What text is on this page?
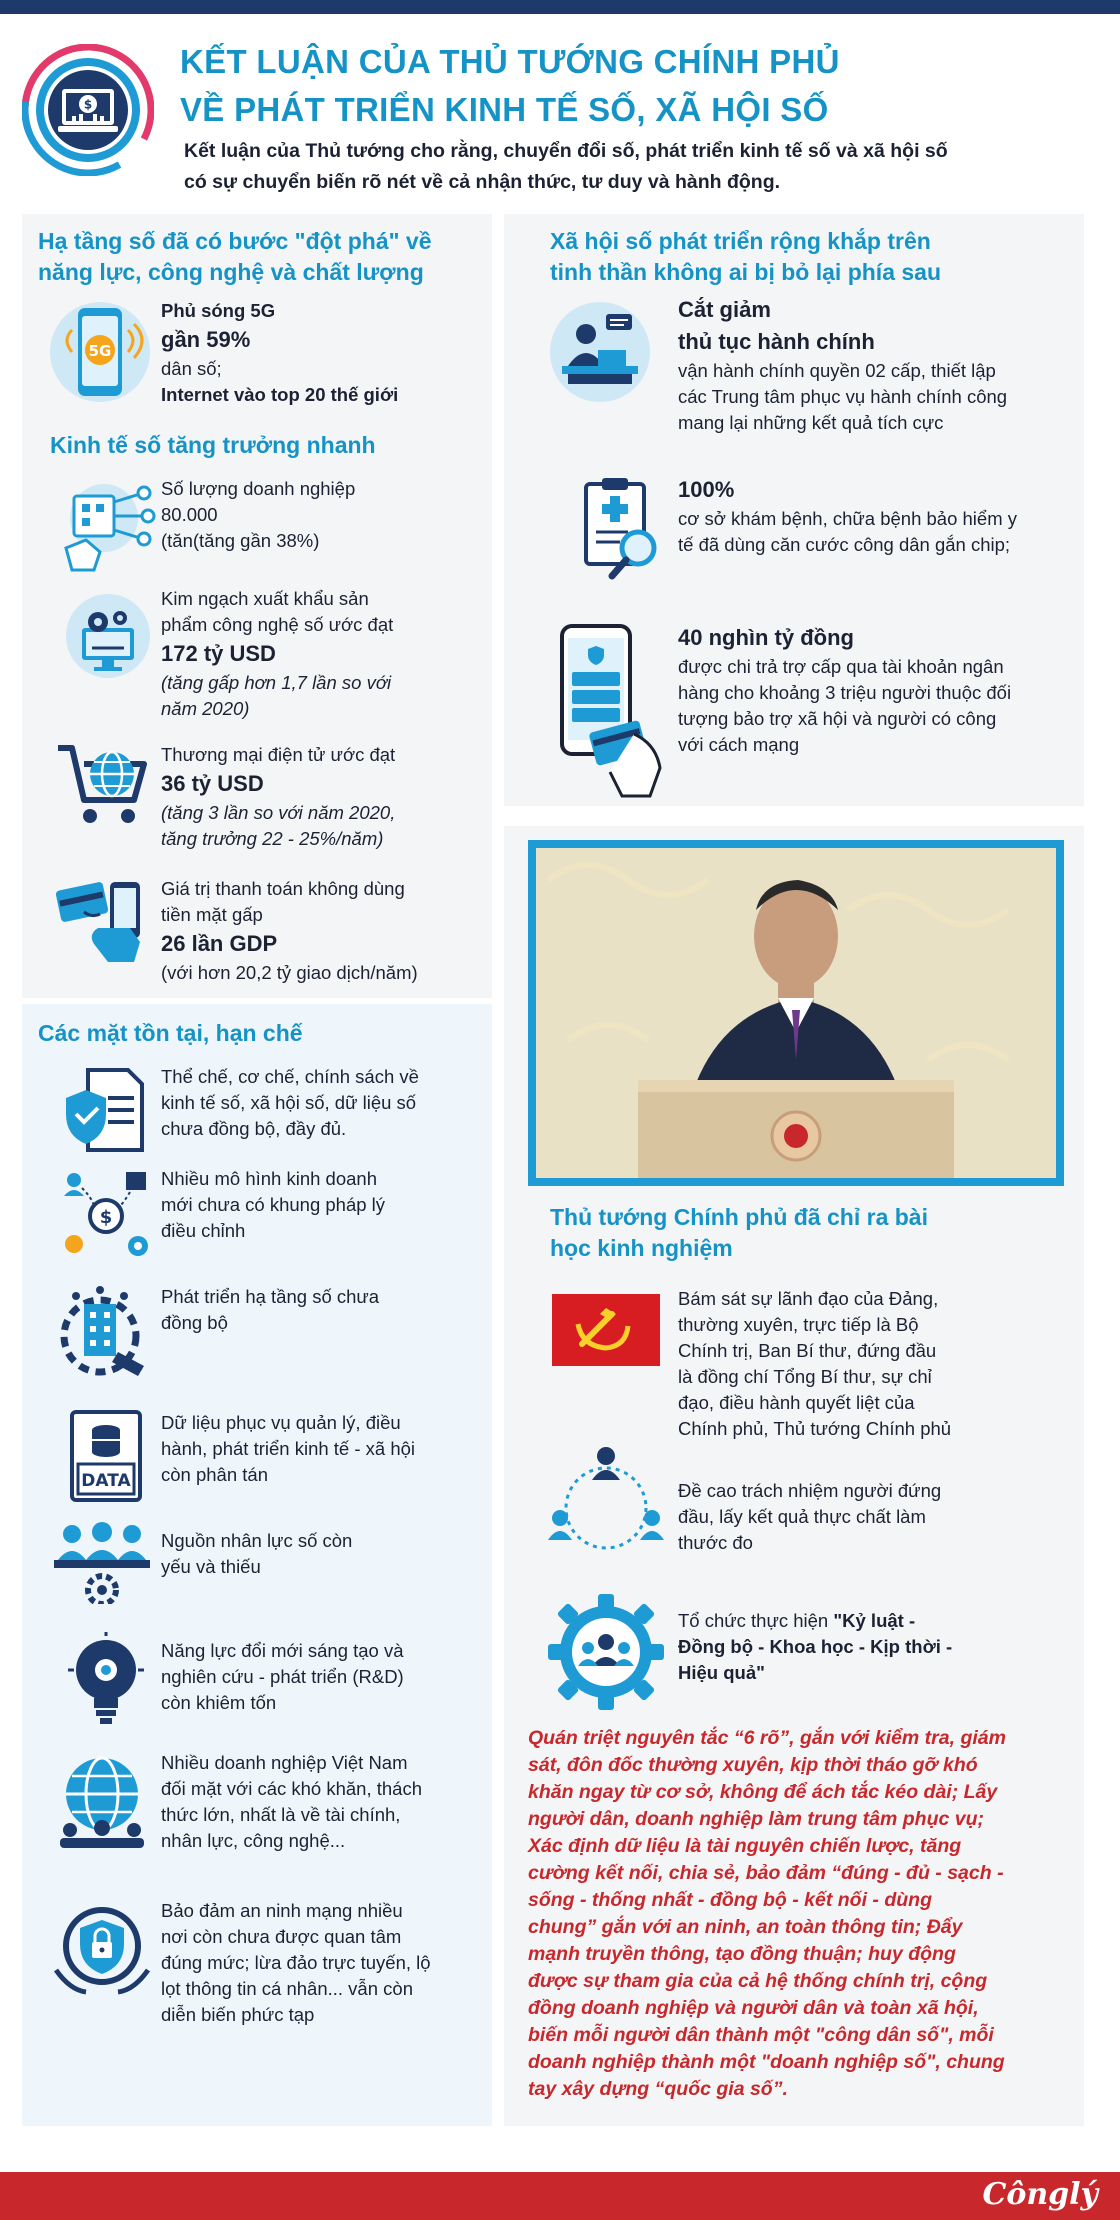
$
KẾT LUẬN CỦA THỦ TƯỚNG CHÍNH PHỦ
VỀ PHÁT TRIỂN KINH TẾ SỐ, XÃ HỘI SỐ
Kết luận của Thủ tướng cho rằng, chuyển đổi số, phát triển kinh tế số và xã hội số
có sự chuyển biến rõ nét về cả nhận thức, tư duy và hành động.
Hạ tầng số đã có bước "đột phá" về
năng lực, công nghệ và chất lượng
5G
Phủ sóng 5G
gần 59%
dân số;
Internet vào top 20 thế giới
Kinh tế số tăng trưởng nhanh
Số lượng doanh nghiệp
80.000
(tăn(tăng gần 38%)
Kim ngạch xuất khẩu sản
phẩm công nghệ số ước đạt
172 tỷ USD
(tăng gấp hơn 1,7 lần so với
năm 2020)
Thương mại điện tử ước đạt
36 tỷ USD
(tăng 3 lần so với năm 2020,
tăng trưởng 22 - 25%/năm)
Giá trị thanh toán không dùng
tiền mặt gấp
26 lần GDP
(với hơn 20,2 tỷ giao dịch/năm)
Các mặt tồn tại, hạn chế
Thể chế, cơ chế, chính sách về
kinh tế số, xã hội số, dữ liệu số
chưa đồng bộ, đầy đủ.
$
Nhiều mô hình kinh doanh
mới chưa có khung pháp lý
điều chỉnh
Phát triển hạ tầng số chưa
đồng bộ
DATA
Dữ liệu phục vụ quản lý, điều
hành, phát triển kinh tế - xã hội
còn phân tán
Nguồn nhân lực số còn
yếu và thiếu
Năng lực đổi mới sáng tạo và
nghiên cứu - phát triển (R&D)
còn khiêm tốn
Nhiều doanh nghiệp Việt Nam
đối mặt với các khó khăn, thách
thức lớn, nhất là về tài chính,
nhân lực, công nghệ...
Bảo đảm an ninh mạng nhiều
nơi còn chưa được quan tâm
đúng mức; lừa đảo trực tuyến, lộ
lọt thông tin cá nhân... vẫn còn
diễn biến phức tạp
Xã hội số phát triển rộng khắp trên
tinh thần không ai bị bỏ lại phía sau
Cắt giảm
thủ tục hành chính
vận hành chính quyền 02 cấp, thiết lập
các Trung tâm phục vụ hành chính công
mang lại những kết quả tích cực
100%
cơ sở khám bệnh, chữa bệnh bảo hiểm y
tế đã dùng căn cước công dân gắn chip;
40 nghìn tỷ đồng
được chi trả trợ cấp qua tài khoản ngân
hàng cho khoảng 3 triệu người thuộc đối
tượng bảo trợ xã hội và người có công
với cách mạng
Thủ tướng Chính phủ đã chỉ ra bài
học kinh nghiệm
Bám sát sự lãnh đạo của Đảng,
thường xuyên, trực tiếp là Bộ
Chính trị, Ban Bí thư, đứng đầu
là đồng chí Tổng Bí thư, sự chỉ
đạo, điều hành quyết liệt của
Chính phủ, Thủ tướng Chính phủ
Đề cao trách nhiệm người đứng
đầu, lấy kết quả thực chất làm
thước đo
Tổ chức thực hiện "Kỷ luật -
Đồng bộ - Khoa học - Kịp thời -
Hiệu quả"
Quán triệt nguyên tắc “6 rõ”, gắn với kiểm tra, giám
sát, đôn đốc thường xuyên, kịp thời tháo gỡ khó
khăn ngay từ cơ sở, không để ách tắc kéo dài; Lấy
người dân, doanh nghiệp làm trung tâm phục vụ;
Xác định dữ liệu là tài nguyên chiến lược, tăng
cường kết nối, chia sẻ, bảo đảm “đúng - đủ - sạch -
sống - thống nhất - đồng bộ - kết nối - dùng
chung” gắn với an ninh, an toàn thông tin; Đẩy
mạnh truyền thông, tạo đồng thuận; huy động
được sự tham gia của cả hệ thống chính trị, cộng
đồng doanh nghiệp và người dân và toàn xã hội,
biến mỗi người dân thành một "công dân số", mỗi
doanh nghiệp thành một "doanh nghiệp số", chung
tay xây dựng “quốc gia số”.
Cônglý
